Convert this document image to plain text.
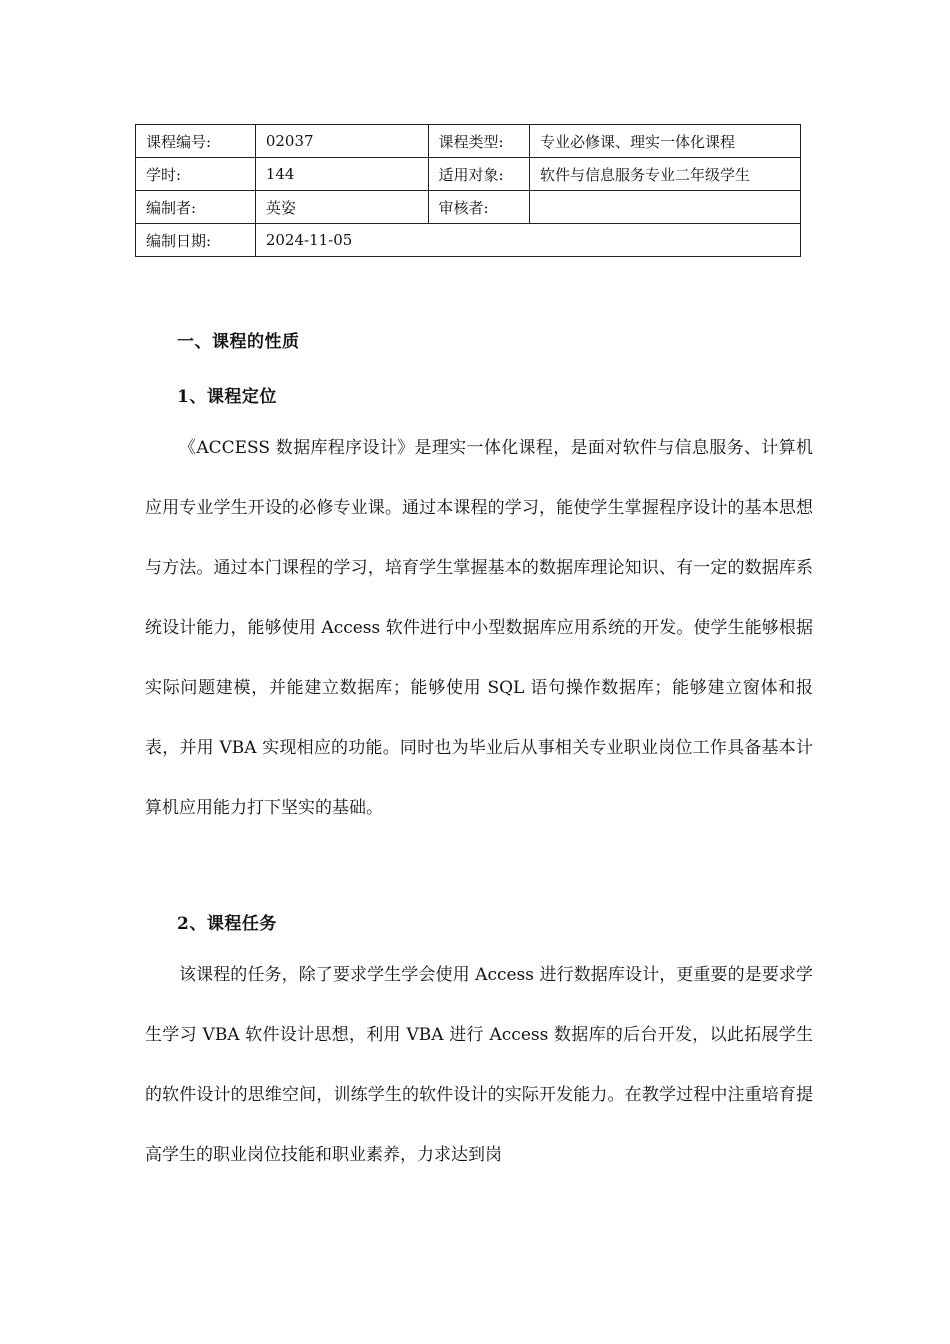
课程编号:	02037	课程类型:	专业必修课、理实一体化课程
学时:	144	适用对象:	软件与信息服务专业二年级学生
编制者:	英姿	审核者:	
编制日期:	2024-11-05		
一、课程的性质
1、课程定位

《ACCESS 数据库程序设计》是理实一体化课程，是面对软件与信息服务、计算机应用专业学生开设的必修专业课。通过本课程的学习，能使学生掌握程序设计的基本思想与方法。通过本门课程的学习，培育学生掌握基本的数据库理论知识、有一定的数据库系统设计能力，能够使用 Access 软件进行中小型数据库应用系统的开发。使学生能够根据实际问题建模，并能建立数据库；能够使用 SQL 语句操作数据库；能够建立窗体和报表，并用 VBA 实现相应的功能。同时也为毕业后从事相关专业职业岗位工作具备基本计算机应用能力打下坚实的基础。

2、课程任务

该课程的任务，除了要求学生学会使用 Access 进行数据库设计，更重要的是要求学生学习 VBA 软件设计思想，利用 VBA 进行 Access 数据库的后台开发，以此拓展学生的软件设计的思维空间，训练学生的软件设计的实际开发能力。在教学过程中注重培育提高学生的职业岗位技能和职业素养，力求达到岗
